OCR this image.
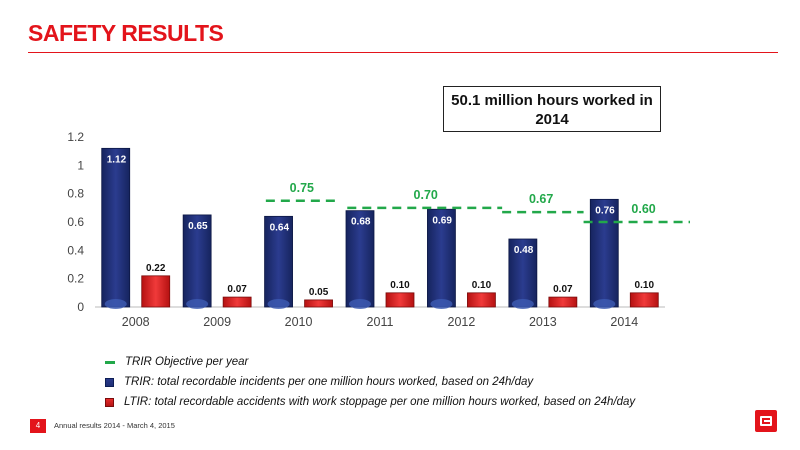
SAFETY RESULTS
50.1 million hours worked in 2014
0
0.2
0.4
0.6
0.8
1
1.2
2008
1.12
0.22
2009
0.65
0.07
2010
0.64
0.05
2011
0.68
0.10
2012
0.69
0.10
2013
0.48
0.07
2014
0.76
0.10
0.75
0.70	0.67
0.60
TRIR Objective per year
TRIR: total recordable incidents per one million hours worked, based on 24h/day
LTIR: total recordable accidents with work stoppage per one million hours worked, based on 24h/day
4	Annual results 2014 - March 4, 2015
